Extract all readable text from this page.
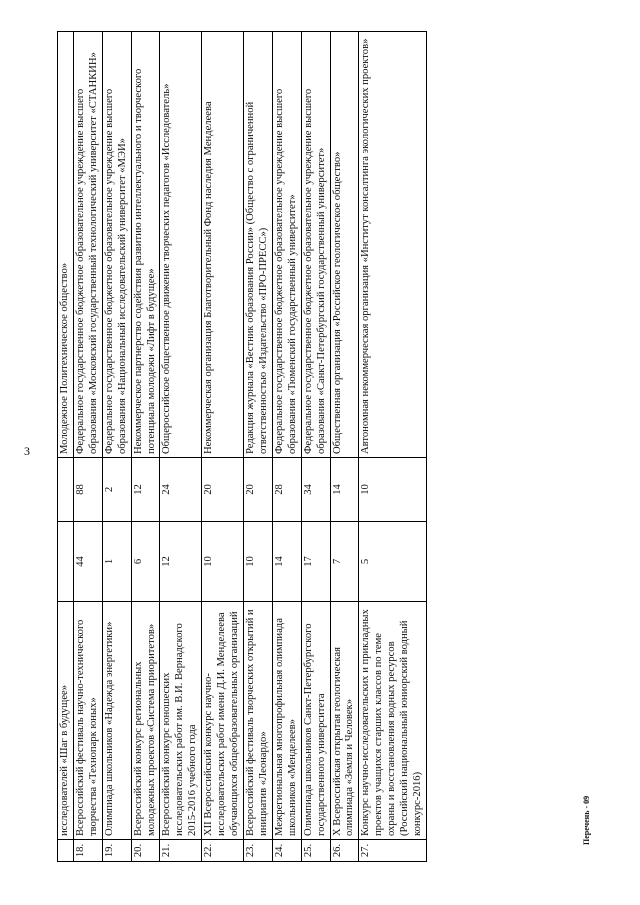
3
	исследователей «Шаг в будущее»			Молодежное Политехническое общество»
18.	Всероссийский фестиваль научно-технического творчества «Технопарк юных»	44	88	Федеральное государственное бюджетное образовательное учреждение высшего образования «Московский государственный технологический университет «СТАНКИН»
19.	Олимпиада школьников «Надежда энергетики»	1	2	Федеральное государственное бюджетное образовательное учреждение высшего образования «Национальный исследовательский университет «МЭИ»
20.	Всероссийский конкурс региональных молодежных проектов «Система приоритетов»	6	12	Некоммерческое партнерство содействия развитию интеллектуального и творческого потенциала молодежи «Лифт в будущее»
21.	Всероссийский конкурс юношеских исследовательских работ им. В.И. Вернадского 2015-2016 учебного года	12	24	Общероссийское общественное движение творческих педагогов «Исследователь»
22.	XII Всероссийский конкурс научно-исследовательских работ имени Д.И. Менделеева обучающихся общеобразовательных организаций	10	20	Некоммерческая организация Благотворительный Фонд наследия Менделеева
23.	Всероссийский фестиваль творческих открытий и инициатив «Леонардо»	10	20	Редакция журнала «Вестник образования России» (Общество с ограниченной ответственностью «Издательство «ПРО-ПРЕСС»)
24.	Межрегиональная многопрофильная олимпиада школьников «Менделеев»	14	28	Федеральное государственное бюджетное образовательное учреждение высшего образования «Тюменский государственный университет»
25.	Олимпиада школьников Санкт-Петербургского государственного университета	17	34	Федеральное государственное бюджетное образовательное учреждение высшего образования «Санкт-Петербургский государственный университет»
26.	X Всероссийская открытая геологическая олимпиада «Земля и Человек»	7	14	Общественная организация «Российское геологическое общество»
27.	Конкурс научно-исследовательских и прикладных проектов учащихся старших классов по теме охраны и восстановления водных ресурсов (Российский национальный юниорский водный конкурс-2016)	5	10	Автономная некоммерческая организация «Институт консалтинга экологических проектов»
Перечень - 09
